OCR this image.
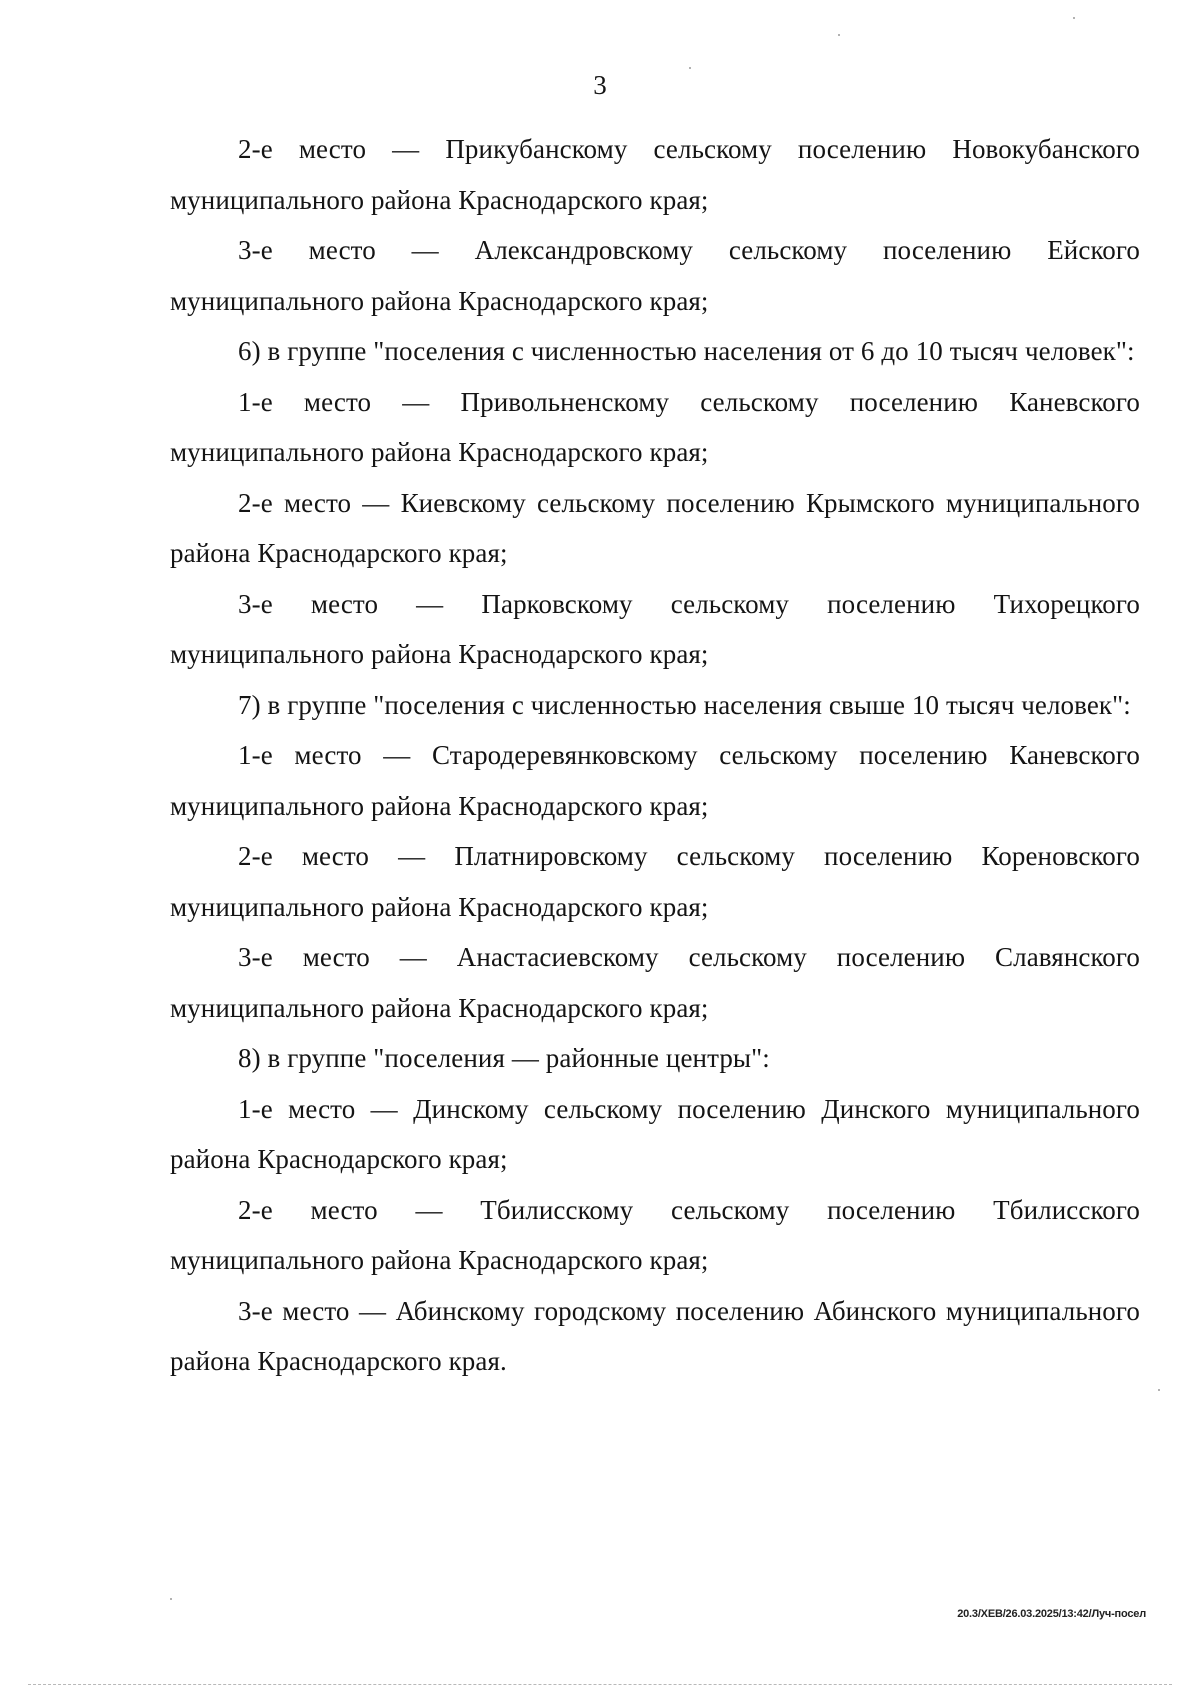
3

2-е место — Прикубанскому сельскому поселению Новокубанского муниципального района Краснодарского края;

3-е место — Александровскому сельскому поселению Ейского муниципального района Краснодарского края;

6) в группе "поселения с численностью населения от 6 до 10 тысяч человек":

1-е место — Привольненскому сельскому поселению Каневского муниципального района Краснодарского края;

2-е место — Киевскому сельскому поселению Крымского муниципального района Краснодарского края;

3-е место — Парковскому сельскому поселению Тихорецкого муниципального района Краснодарского края;

7) в группе "поселения с численностью населения свыше 10 тысяч человек":

1-е место — Стародеревянковскому сельскому поселению Каневского муниципального района Краснодарского края;

2-е место — Платнировскому сельскому поселению Кореновского муниципального района Краснодарского края;

3-е место — Анастасиевскому сельскому поселению Славянского муниципального района Краснодарского края;

8) в группе "поселения — районные центры":

1-е место — Динскому сельскому поселению Динского муниципального района Краснодарского края;

2-е место — Тбилисскому сельскому поселению Тбилисского муниципального района Краснодарского края;

3-е место — Абинскому городскому поселению Абинского муниципального района Краснодарского края.

20.3/ХЕВ/26.03.2025/13:42/Луч-посел
